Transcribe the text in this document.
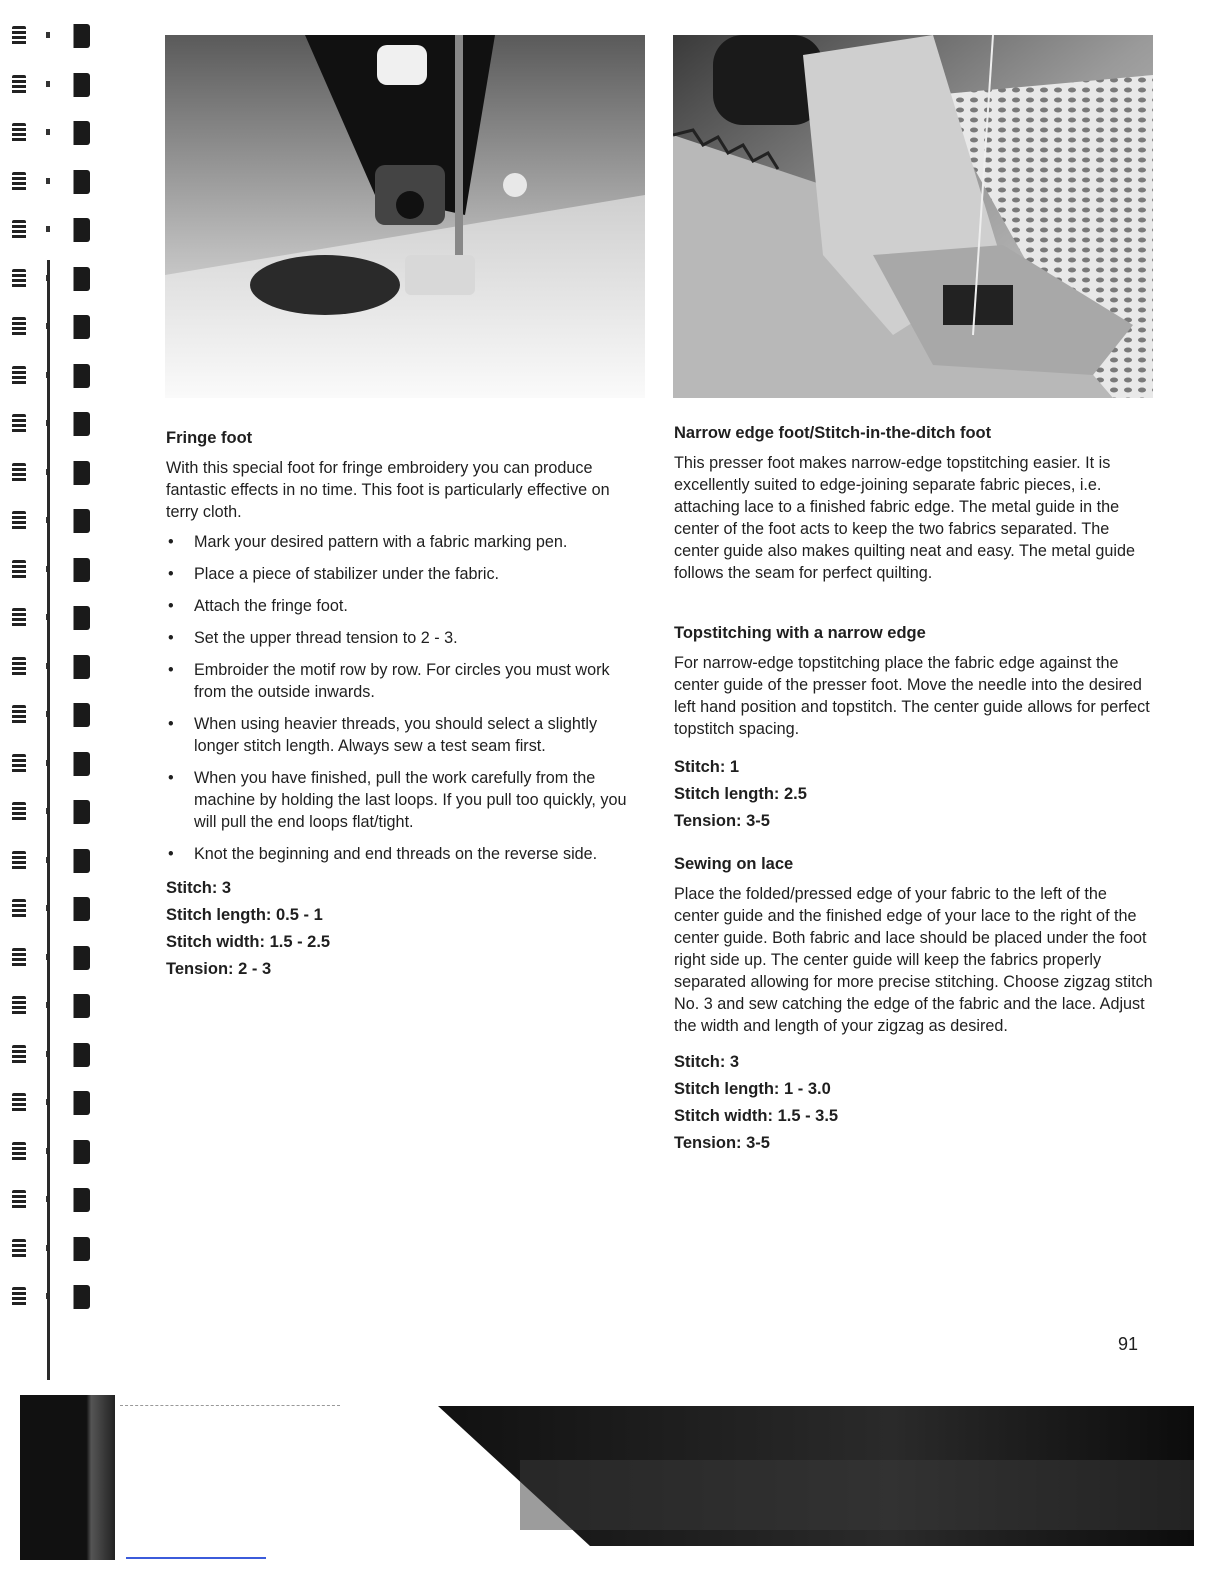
Fringe foot

With this special foot for fringe embroidery you can produce fantastic effects in no time. This foot is particularly effective on terry cloth.

• Mark your desired pattern with a fabric marking pen.
• Place a piece of stabilizer under the fabric.
• Attach the fringe foot.
• Set the upper thread tension to 2 - 3.
• Embroider the motif row by row. For circles you must work from the outside inwards.
• When using heavier threads, you should select a slightly longer stitch length. Always sew a test seam first.
• When you have finished, pull the work carefully from the machine by holding the last loops. If you pull too quickly, you will pull the end loops flat/tight.
• Knot the beginning and end threads on the reverse side.

Stitch: 3

Stitch length: 0.5 - 1

Stitch width: 1.5 - 2.5

Tension: 2 - 3

Narrow edge foot/Stitch-in-the-ditch foot

This presser foot makes narrow-edge topstitching easier. It is excellently suited to edge-joining separate fabric pieces, i.e. attaching lace to a finished fabric edge. The metal guide in the center of the foot acts to keep the two fabrics separated. The center guide also makes quilting neat and easy. The metal guide follows the seam for perfect quilting.

Topstitching with a narrow edge

For narrow-edge topstitching place the fabric edge against the center guide of the presser foot. Move the needle into the desired left hand position and topstitch. The center guide allows for perfect topstitch spacing.

Stitch: 1

Stitch length: 2.5

Tension: 3-5

Sewing on lace

Place the folded/pressed edge of your fabric to the left of the center guide and the finished edge of your lace to the right of the center guide. Both fabric and lace should be placed under the foot right side up. The center guide will keep the fabrics properly separated allowing for more precise stitching. Choose zigzag stitch No. 3 and sew catching the edge of the fabric and the lace. Adjust the width and length of your zigzag as desired.

Stitch: 3

Stitch length: 1 - 3.0

Stitch width: 1.5 - 3.5

Tension: 3-5

91
